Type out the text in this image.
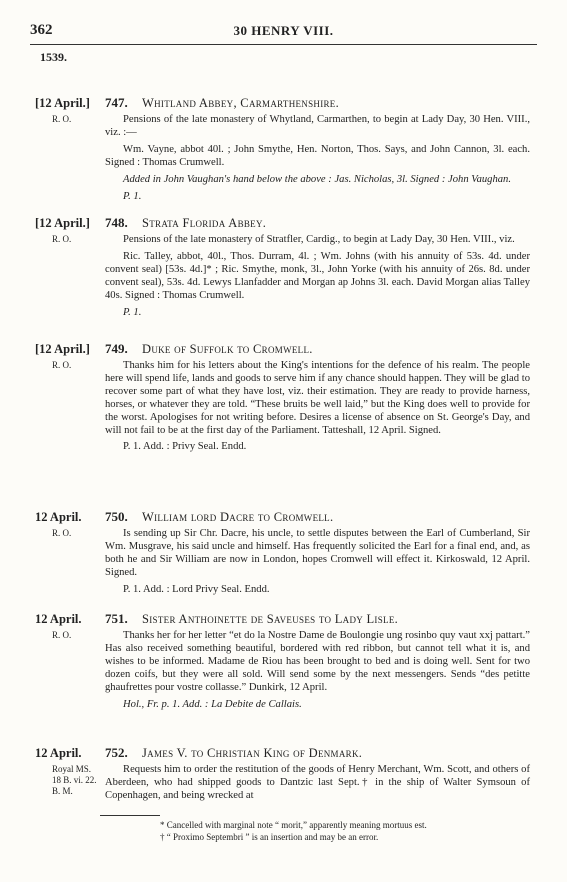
362	30 HENRY VIII.
1539.
[12 April.]
R. O.
747. Whitland Abbey, Carmarthenshire.

Pensions of the late monastery of Whytland, Carmarthen, to begin at Lady Day, 30 Hen. VIII., viz. :—

Wm. Vayne, abbot 40l. ; John Smythe, Hen. Norton, Thos. Says, and John Cannon, 3l. each. Signed : Thomas Crumwell.

Added in John Vaughan's hand below the above : Jas. Nicholas, 3l. Signed : John Vaughan.

P. 1.

[12 April.]
R. O.
748. Strata Florida Abbey.

Pensions of the late monastery of Stratfler, Cardig., to begin at Lady Day, 30 Hen. VIII., viz.

Ric. Talley, abbot, 40l., Thos. Durram, 4l. ; Wm. Johns (with his annuity of 53s. 4d. under convent seal) [53s. 4d.]* ; Ric. Smythe, monk, 3l., John Yorke (with his annuity of 26s. 8d. under convent seal), 53s. 4d. Lewys Llanfadder and Morgan ap Johns 3l. each. David Morgan alias Talley 40s. Signed : Thomas Crumwell.

P. 1.

[12 April.]
R. O.
749. Duke of Suffolk to Cromwell.

Thanks him for his letters about the King's intentions for the defence of his realm. The people here will spend life, lands and goods to serve him if any chance should happen. They will be glad to recover some part of what they have lost, viz. their estimation. They are ready to provide harness, horses, or whatever they are told. “These bruits be well laid,” but the King does well to provide for the worst. Apologises for not writing before. Desires a license of absence on St. George's Day, and will not fail to be at the first day of the Parliament. Tatteshall, 12 April. Signed.

P. 1. Add. : Privy Seal. Endd.

12 April.
R. O.
750. William lord Dacre to Cromwell.

Is sending up Sir Chr. Dacre, his uncle, to settle disputes between the Earl of Cumberland, Sir Wm. Musgrave, his said uncle and himself. Has frequently solicited the Earl for a final end, and, as both he and Sir William are now in London, hopes Cromwell will effect it. Kirkoswald, 12 April. Signed.

P. 1. Add. : Lord Privy Seal. Endd.

12 April.
R. O.
751. Sister Anthoinette de Saveuses to Lady Lisle.

Thanks her for her letter “et do la Nostre Dame de Boulongie ung rosinbo quy vaut xxj pattart.” Has also received something beautiful, bordered with red ribbon, but cannot tell what it is, and wishes to be informed. Madame de Riou has been brought to bed and is doing well. Sent for two dozen coifs, but they were all sold. Will send some by the next messengers. Sends “des petitte ghaufrettes pour vostre collasse.” Dunkirk, 12 April.

Hol., Fr. p. 1. Add. : La Debite de Callais.

12 April.
Royal MS.
18 B. vi. 22.
B. M.
752. James V. to Christian King of Denmark.

Requests him to order the restitution of the goods of Henry Merchant, Wm. Scott, and others of Aberdeen, who had shipped goods to Dantzic last Sept.† in the ship of Walter Symsoun of Copenhagen, and being wrecked at

* Cancelled with marginal note “ morit,” apparently meaning mortuus est.
† “ Proximo Septembri ” is an insertion and may be an error.
